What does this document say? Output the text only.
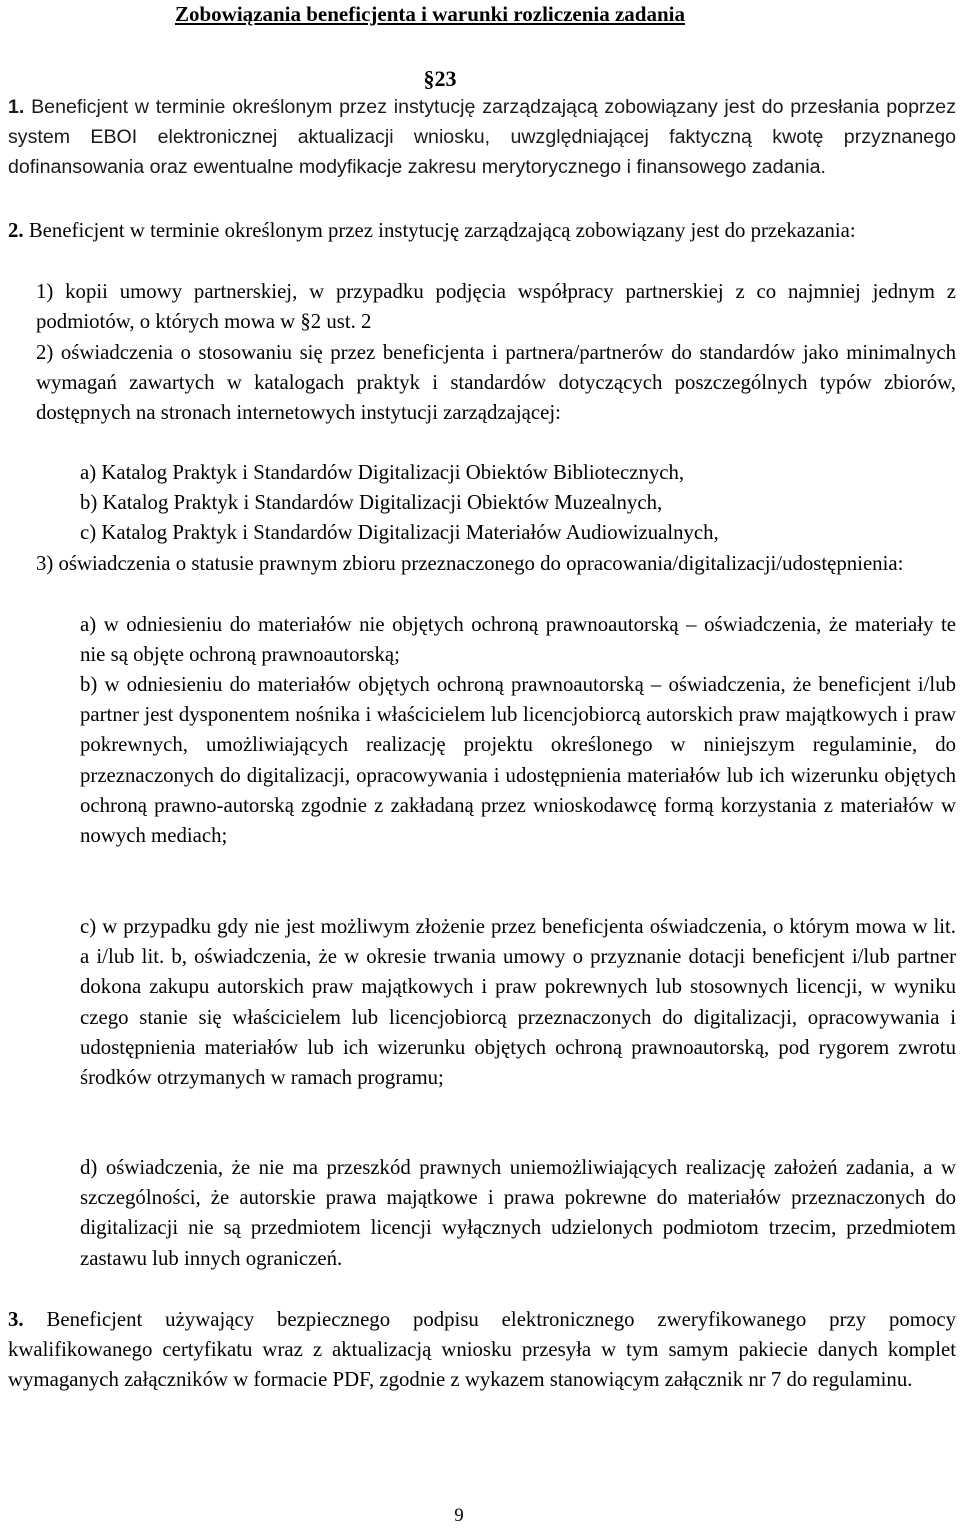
Zobowiązania beneficjenta i warunki rozliczenia zadania
§23
1. Beneficjent w terminie określonym przez instytucję zarządzającą zobowiązany jest do przesłania poprzez system EBOI elektronicznej aktualizacji wniosku, uwzględniającej faktyczną kwotę przyznanego dofinansowania oraz ewentualne modyfikacje zakresu merytorycznego i finansowego zadania.
2. Beneficjent w terminie określonym przez instytucję zarządzającą zobowiązany jest do przekazania:
1) kopii umowy partnerskiej, w przypadku podjęcia współpracy partnerskiej z co najmniej jednym z podmiotów, o których mowa w §2 ust. 2
2) oświadczenia o stosowaniu się przez beneficjenta i partnera/partnerów do standardów jako minimalnych wymagań zawartych w katalogach praktyk i standardów dotyczących poszczególnych typów zbiorów, dostępnych na stronach internetowych instytucji zarządzającej:
a) Katalog Praktyk i Standardów Digitalizacji Obiektów Bibliotecznych,
b) Katalog Praktyk i Standardów Digitalizacji Obiektów Muzealnych,
c) Katalog Praktyk i Standardów Digitalizacji Materiałów Audiowizualnych,
3) oświadczenia o statusie prawnym zbioru przeznaczonego do opracowania/digitalizacji/udostępnienia:
a) w odniesieniu do materiałów nie objętych ochroną prawnoautorską – oświadczenia, że materiały te nie są objęte ochroną prawnoautorską;
b) w odniesieniu do materiałów objętych ochroną prawnoautorską – oświadczenia, że beneficjent i/lub partner jest dysponentem nośnika i właścicielem lub licencjobiorcą autorskich praw majątkowych i praw pokrewnych, umożliwiających realizację projektu określonego w niniejszym regulaminie, do przeznaczonych do digitalizacji, opracowywania i udostępnienia materiałów lub ich wizerunku objętych ochroną prawno-autorską zgodnie z zakładaną przez wnioskodawcę formą korzystania z materiałów w nowych mediach;
c) w przypadku gdy nie jest możliwym złożenie przez beneficjenta oświadczenia, o którym mowa w lit. a i/lub lit. b, oświadczenia, że w okresie trwania umowy o przyznanie dotacji beneficjent i/lub partner dokona zakupu autorskich praw majątkowych i praw pokrewnych lub stosownych licencji, w wyniku czego stanie się właścicielem lub licencjobiorcą przeznaczonych do digitalizacji, opracowywania i udostępnienia materiałów lub ich wizerunku objętych ochroną prawnoautorską, pod rygorem zwrotu środków otrzymanych w ramach programu;
d) oświadczenia, że nie ma przeszkód prawnych uniemożliwiających realizację założeń zadania, a w szczególności, że autorskie prawa majątkowe i prawa pokrewne do materiałów przeznaczonych do digitalizacji nie są przedmiotem licencji wyłącznych udzielonych podmiotom trzecim, przedmiotem zastawu lub innych ograniczeń.
3. Beneficjent używający bezpiecznego podpisu elektronicznego zweryfikowanego przy pomocy kwalifikowanego certyfikatu wraz z aktualizacją wniosku przesyła w tym samym pakiecie danych komplet wymaganych załączników w formacie PDF, zgodnie z wykazem stanowiącym załącznik nr 7 do regulaminu.
9
